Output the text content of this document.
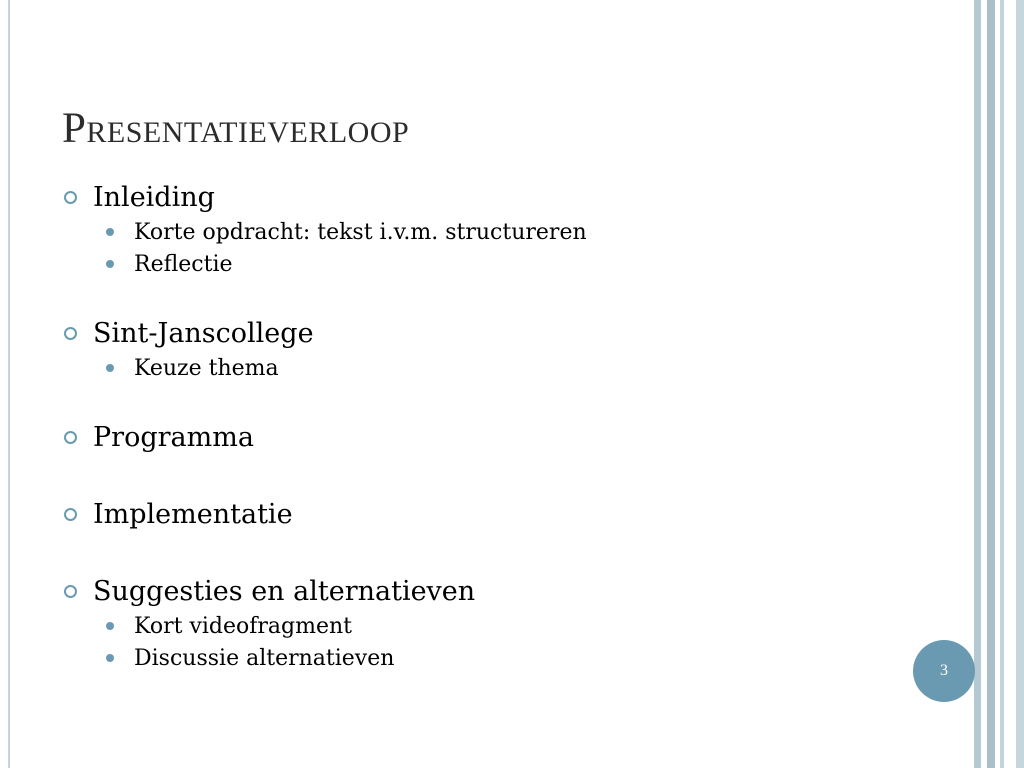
Presentatieverloop
Inleiding
Korte opdracht: tekst i.v.m. structureren
Reflectie
Sint-Janscollege
Keuze thema
Programma
Implementatie
Suggesties en alternatieven
Kort videofragment
Discussie alternatieven	3
